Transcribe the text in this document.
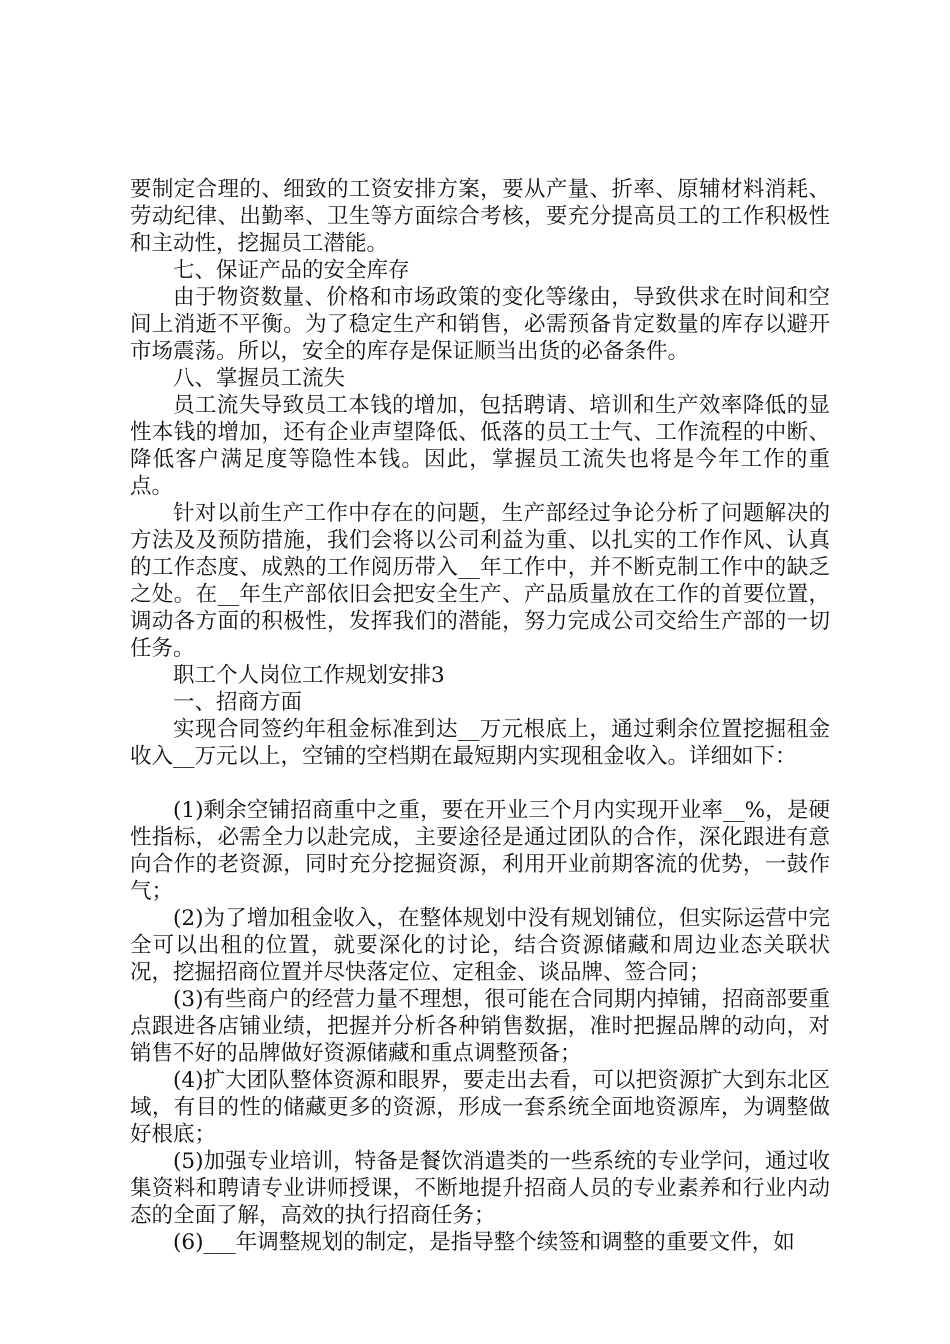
要制定合理的、细致的工资安排方案，要从产量、折率、原辅材料消耗、劳动纪律、出勤率、卫生等方面综合考核，要充分提高员工的工作积极性和主动性，挖掘员工潜能。

七、保证产品的安全库存

由于物资数量、价格和市场政策的变化等缘由，导致供求在时间和空间上消逝不平衡。为了稳定生产和销售，必需预备肯定数量的库存以避开市场震荡。所以，安全的库存是保证顺当出货的必备条件。

八、掌握员工流失

员工流失导致员工本钱的增加，包括聘请、培训和生产效率降低的显性本钱的增加，还有企业声望降低、低落的员工士气、工作流程的中断、降低客户满足度等隐性本钱。因此，掌握员工流失也将是今年工作的重点。

针对以前生产工作中存在的问题，生产部经过争论分析了问题解决的方法及及预防措施，我们会将以公司利益为重、以扎实的工作作风、认真的工作态度、成熟的工作阅历带入__年工作中，并不断克制工作中的缺乏之处。在__年生产部依旧会把安全生产、产品质量放在工作的首要位置，调动各方面的积极性，发挥我们的潜能，努力完成公司交给生产部的一切任务。

职工个人岗位工作规划安排3

一、招商方面

实现合同签约年租金标准到达__万元根底上，通过剩余位置挖掘租金收入__万元以上，空铺的空档期在最短期内实现租金收入。详细如下：

(1)剩余空铺招商重中之重，要在开业三个月内实现开业率__%，是硬性指标，必需全力以赴完成，主要途径是通过团队的合作，深化跟进有意向合作的老资源，同时充分挖掘资源，利用开业前期客流的优势，一鼓作气；

(2)为了增加租金收入，在整体规划中没有规划铺位，但实际运营中完全可以出租的位置，就要深化的讨论，结合资源储藏和周边业态关联状况，挖掘招商位置并尽快落定位、定租金、谈品牌、签合同；

(3)有些商户的经营力量不理想，很可能在合同期内掉铺，招商部要重点跟进各店铺业绩，把握并分析各种销售数据，准时把握品牌的动向，对销售不好的品牌做好资源储藏和重点调整预备；

(4)扩大团队整体资源和眼界，要走出去看，可以把资源扩大到东北区域，有目的性的储藏更多的资源，形成一套系统全面地资源库，为调整做好根底；

(5)加强专业培训，特备是餐饮消遣类的一些系统的专业学问，通过收集资料和聘请专业讲师授课，不断地提升招商人员的专业素养和行业内动态的全面了解，高效的执行招商任务；

(6)___年调整规划的制定，是指导整个续签和调整的重要文件，如
